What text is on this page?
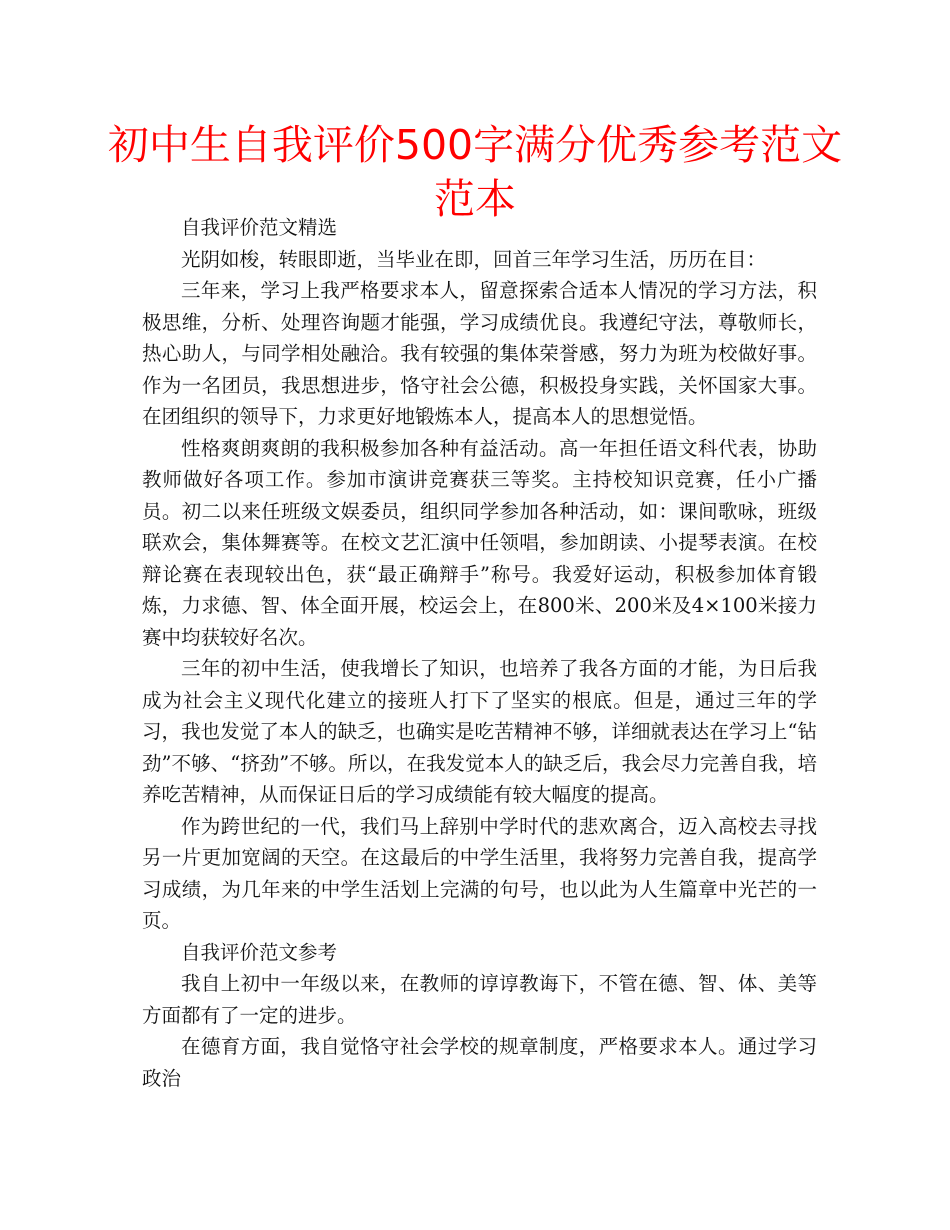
初中生自我评价500字满分优秀参考范文范本

自我评价范文精选

光阴如梭，转眼即逝，当毕业在即，回首三年学习生活，历历在目：

三年来，学习上我严格要求本人，留意探索合适本人情况的学习方法，积极思维，分析、处理咨询题才能强，学习成绩优良。我遵纪守法，尊敬师长，热心助人，与同学相处融洽。我有较强的集体荣誉感，努力为班为校做好事。作为一名团员，我思想进步，恪守社会公德，积极投身实践，关怀国家大事。在团组织的领导下，力求更好地锻炼本人，提高本人的思想觉悟。

性格爽朗爽朗的我积极参加各种有益活动。高一年担任语文科代表，协助教师做好各项工作。参加市演讲竞赛获三等奖。主持校知识竞赛，任小广播员。初二以来任班级文娱委员，组织同学参加各种活动，如：课间歌咏，班级联欢会，集体舞赛等。在校文艺汇演中任领唱，参加朗读、小提琴表演。在校辩论赛在表现较出色，获“最正确辩手”称号。我爱好运动，积极参加体育锻炼，力求德、智、体全面开展，校运会上，在800米、200米及4×100米接力赛中均获较好名次。

三年的初中生活，使我增长了知识，也培养了我各方面的才能，为日后我成为社会主义现代化建立的接班人打下了坚实的根底。但是，通过三年的学习，我也发觉了本人的缺乏，也确实是吃苦精神不够，详细就表达在学习上“钻劲”不够、“挤劲”不够。所以，在我发觉本人的缺乏后，我会尽力完善自我，培养吃苦精神，从而保证日后的学习成绩能有较大幅度的提高。

作为跨世纪的一代，我们马上辞别中学时代的悲欢离合，迈入高校去寻找另一片更加宽阔的天空。在这最后的中学生活里，我将努力完善自我，提高学习成绩，为几年来的中学生活划上完满的句号，也以此为人生篇章中光芒的一页。

自我评价范文参考

我自上初中一年级以来，在教师的谆谆教诲下，不管在德、智、体、美等方面都有了一定的进步。

在德育方面，我自觉恪守社会学校的规章制度，严格要求本人。通过学习政治
